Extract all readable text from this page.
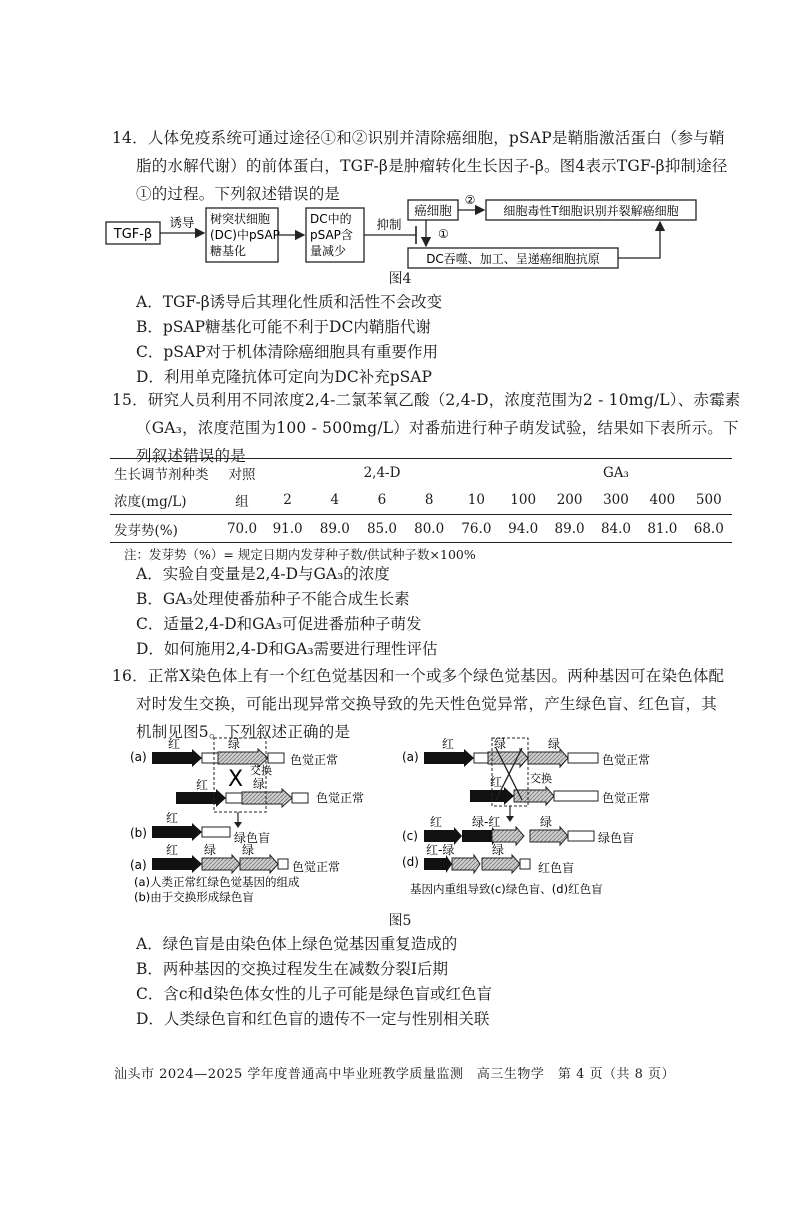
14．人体免疫系统可通过途径①和②识别并清除癌细胞，pSAP是鞘脂激活蛋白（参与鞘
脂的水解代谢）的前体蛋白，TGF-β是肿瘤转化生长因子-β。图4表示TGF-β抑制途径
①的过程。下列叙述错误的是
TGF-β
诱导 树突状细胞
(DC)中pSAP
糖基化
DC中的
pSAP含
量减少
抑制
癌细胞
②
细胞毒性T细胞识别并裂解癌细胞
①
DC吞噬、加工、呈递癌细胞抗原
图4
A．TGF-β诱导后其理化性质和活性不会改变
B．pSAP糖基化可能不利于DC内鞘脂代谢
C．pSAP对于机体清除癌细胞具有重要作用
D．利用单克隆抗体可定向为DC补充pSAP
15．研究人员利用不同浓度2,4-二氯苯氧乙酸（2,4-D，浓度范围为2 - 10mg/L）、赤霉素
（GA₃，浓度范围为100 - 500mg/L）对番茄进行种子萌发试验，结果如下表所示。下
列叙述错误的是
生长调节剂种类	对照	2,4-D					GA₃				
浓度(mg/L)	组	2	4	6	8	10	100	200	300	400	500
发芽势(%)	70.0	91.0	89.0	85.0	80.0	76.0	94.0	89.0	84.0	81.0	68.0
注：发芽势（%）= 规定日期内发芽种子数/供试种子数×100%
A．实验自变量是2,4-D与GA₃的浓度
B．GA₃处理使番茄种子不能合成生长素
C．适量2,4-D和GA₃可促进番茄种子萌发
D．如何施用2,4-D和GA₃需要进行理性评估
16．正常X染色体上有一个红色觉基因和一个或多个绿色觉基因。两种基因可在染色体配
对时发生交换，可能出现异常交换导致的先天性色觉异常，产生绿色盲、红色盲，其
机制见图5。下列叙述正确的是
(a)
红	绿
色觉正常
红	绿
色觉正常
X 交换
(b)
红
绿色盲
(a)
红 绿 绿
色觉正常
(a)
红	绿	绿
色觉正常
红	交换
色觉正常
(c)
红 绿-红	绿
绿色盲
(d)
红-绿	绿
红色盲
(a)人类正常红绿色觉基因的组成
(b)由于交换形成绿色盲
基因内重组导致(c)绿色盲、(d)红色盲
图5
A．绿色盲是由染色体上绿色觉基因重复造成的
B．两种基因的交换过程发生在减数分裂Ⅰ后期
C．含c和d染色体女性的儿子可能是绿色盲或红色盲
D．人类绿色盲和红色盲的遗传不一定与性别相关联
汕头市 2024—2025 学年度普通高中毕业班教学质量监测　高三生物学　第 4 页（共 8 页）
